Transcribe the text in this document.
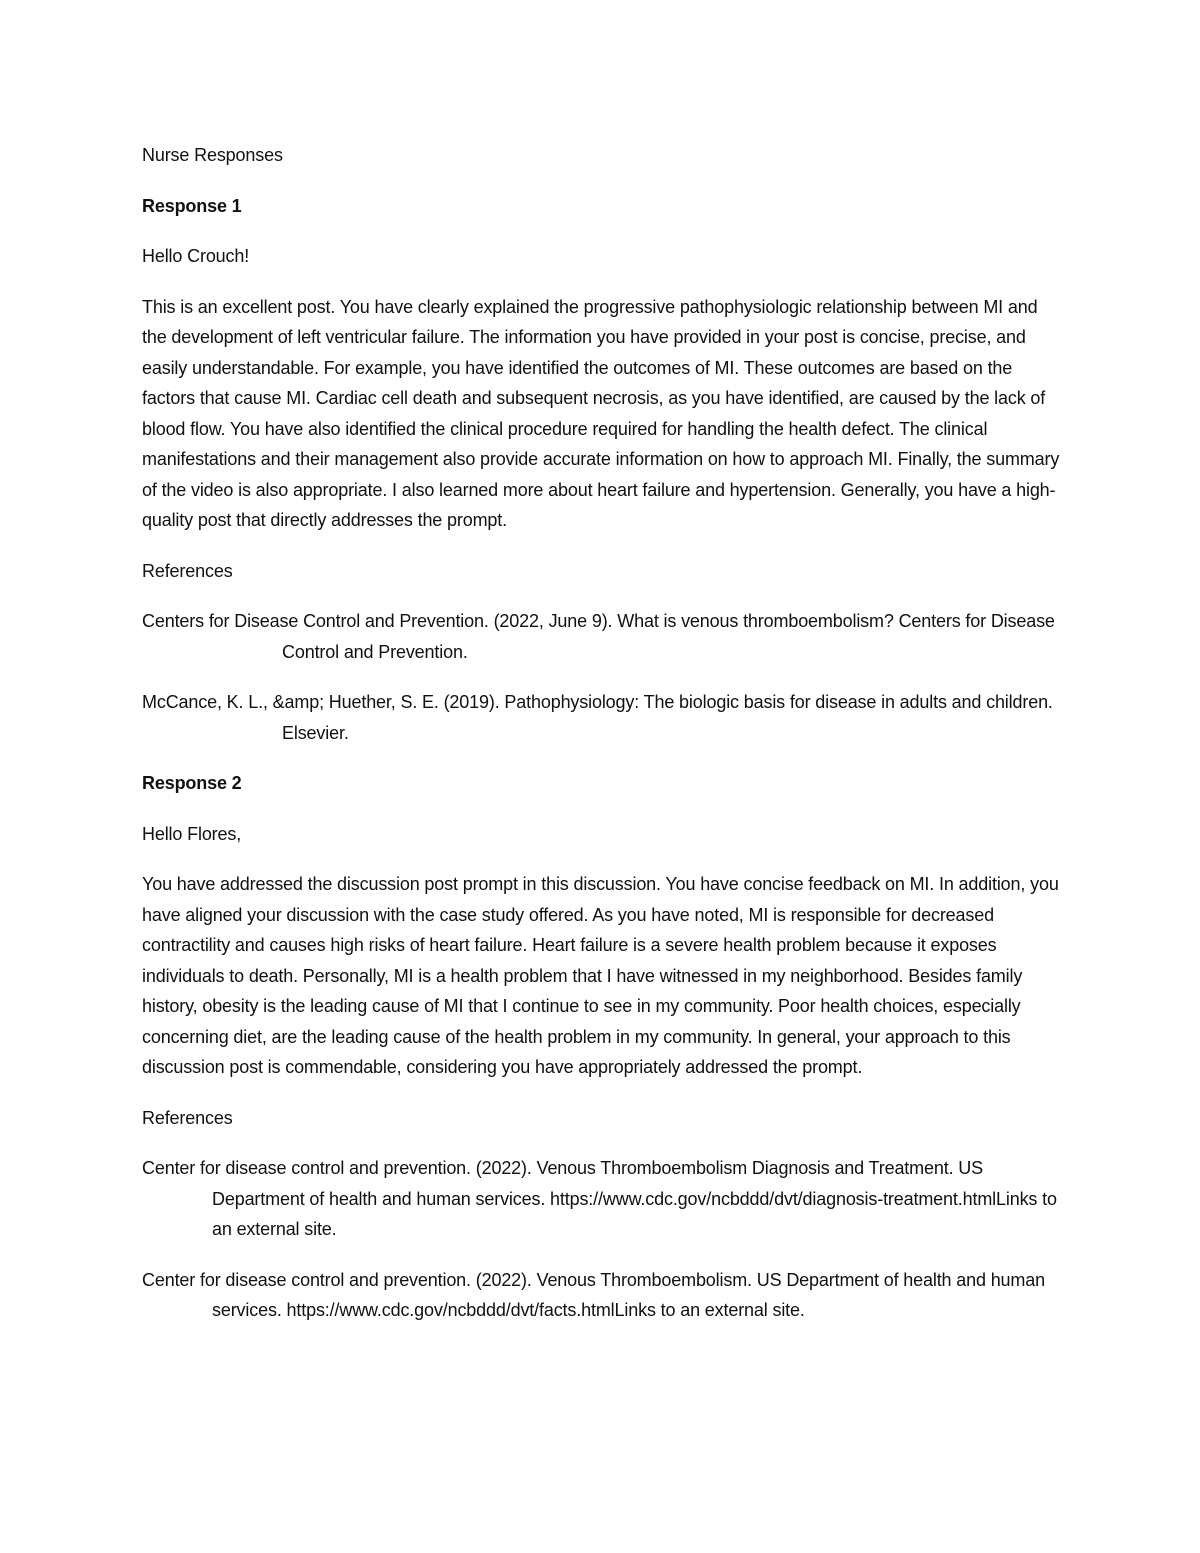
Nurse Responses

Response 1

Hello Crouch!

This is an excellent post. You have clearly explained the progressive pathophysiologic relationship between MI and the development of left ventricular failure. The information you have provided in your post is concise, precise, and easily understandable. For example, you have identified the outcomes of MI. These outcomes are based on the factors that cause MI. Cardiac cell death and subsequent necrosis, as you have identified, are caused by the lack of blood flow. You have also identified the clinical procedure required for handling the health defect. The clinical manifestations and their management also provide accurate information on how to approach MI. Finally, the summary of the video is also appropriate. I also learned more about heart failure and hypertension. Generally, you have a high-quality post that directly addresses the prompt.

References

Centers for Disease Control and Prevention. (2022, June 9). What is venous thromboembolism? Centers for Disease Control and Prevention.

McCance, K. L., &amp; Huether, S. E. (2019). Pathophysiology: The biologic basis for disease in adults and children. Elsevier.

Response 2

Hello Flores,

You have addressed the discussion post prompt in this discussion. You have concise feedback on MI. In addition, you have aligned your discussion with the case study offered. As you have noted, MI is responsible for decreased contractility and causes high risks of heart failure. Heart failure is a severe health problem because it exposes individuals to death. Personally, MI is a health problem that I have witnessed in my neighborhood. Besides family history, obesity is the leading cause of MI that I continue to see in my community. Poor health choices, especially concerning diet, are the leading cause of the health problem in my community. In general, your approach to this discussion post is commendable, considering you have appropriately addressed the prompt.

References

Center for disease control and prevention. (2022). Venous Thromboembolism Diagnosis and Treatment. US Department of health and human services. https://www.cdc.gov/ncbddd/dvt/diagnosis-treatment.htmlLinks to an external site.

Center for disease control and prevention. (2022). Venous Thromboembolism. US Department of health and human services. https://www.cdc.gov/ncbddd/dvt/facts.htmlLinks to an external site.
